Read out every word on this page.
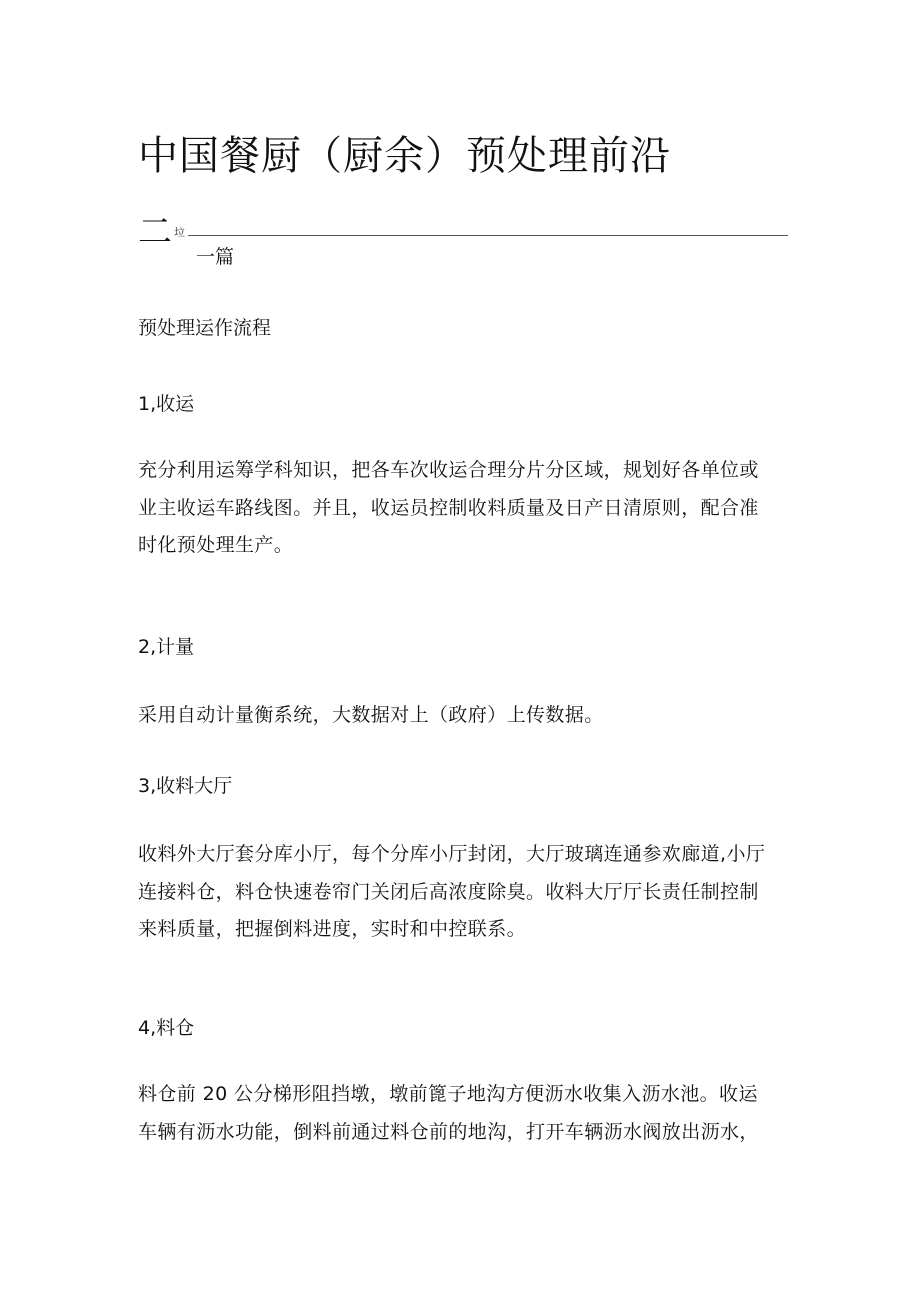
中国餐厨（厨余）预处理前沿
二 垃
一篇
预处理运作流程
1,收运
充分利用运筹学科知识，把各车次收运合理分片分区域，规划好各单位或
业主收运车路线图。并且，收运员控制收料质量及日产日清原则，配合准
时化预处理生产。
2,计量
采用自动计量衡系统，大数据对上（政府）上传数据。
3,收料大厅
收料外大厅套分库小厅，每个分库小厅封闭，大厅玻璃连通参欢廊道,小厅
连接料仓，料仓快速卷帘门关闭后高浓度除臭。收料大厅厅长责任制控制
来料质量，把握倒料进度，实时和中控联系。
4,料仓
料仓前 20 公分梯形阻挡墩，墩前篦子地沟方便沥水收集入沥水池。收运
车辆有沥水功能，倒料前通过料仓前的地沟，打开车辆沥水阀放出沥水，
